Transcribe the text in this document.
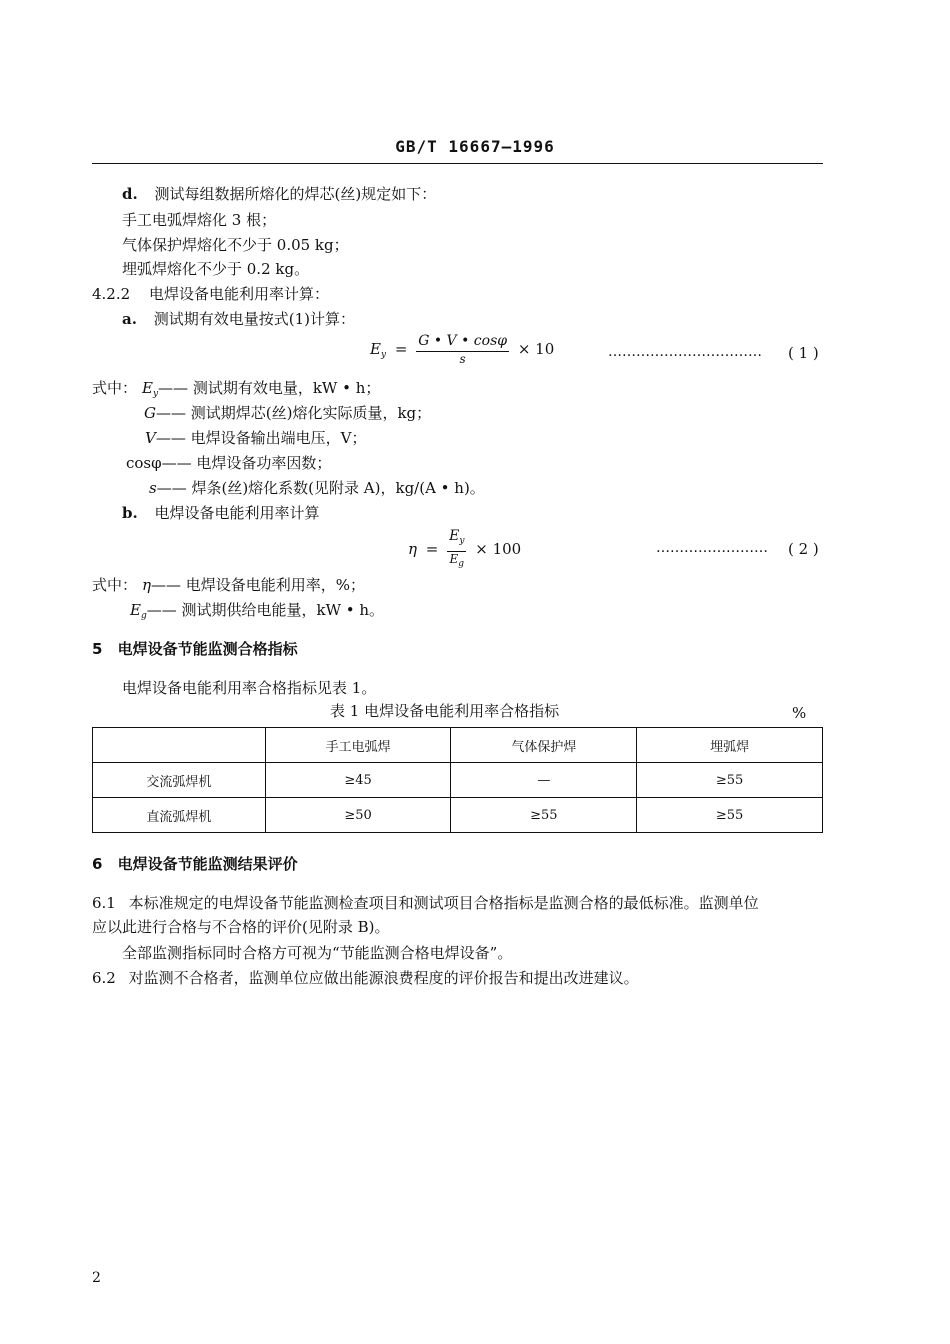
GB/T 16667—1996
d. 测试每组数据所熔化的焊芯(丝)规定如下：
手工电弧焊熔化 3 根；
气体保护焊熔化不少于 0.05 kg；
埋弧焊熔化不少于 0.2 kg。
4.2.2 电焊设备电能利用率计算：
a. 测试期有效电量按式(1)计算：
$E_y = \frac{G • V • \cos\varphi}{s} \times 10$	…………………………… ( 1 )
式中： $E_y——$ 测试期有效电量，kW • h；
G—— 测试期焊芯(丝)熔化实际质量，kg；
V—— 电焊设备输出端电压，V；
cosφ—— 电焊设备功率因数；
s—— 焊条(丝)熔化系数(见附录 A)，kg/(A • h)。
b. 电焊设备电能利用率计算
$\eta = \frac{E_y}{E_g} \times 100$	…………………… ( 2 )
式中： η—— 电焊设备电能利用率，%；
$E_g——$ 测试期供给电能量，kW • h。
5 电焊设备节能监测合格指标
电焊设备电能利用率合格指标见表 1。
表 1 电焊设备电能利用率合格指标	%
	手工电弧焊	气体保护焊	埋弧焊
交流弧焊机	≥45	—	≥55
直流弧焊机	≥50	≥55	≥55
6 电焊设备节能监测结果评价
6.1 本标准规定的电焊设备节能监测检查项目和测试项目合格指标是监测合格的最低标准。监测单位
应以此进行合格与不合格的评价(见附录 B)。
全部监测指标同时合格方可视为“节能监测合格电焊设备”。
6.2 对监测不合格者，监测单位应做出能源浪费程度的评价报告和提出改进建议。
2
